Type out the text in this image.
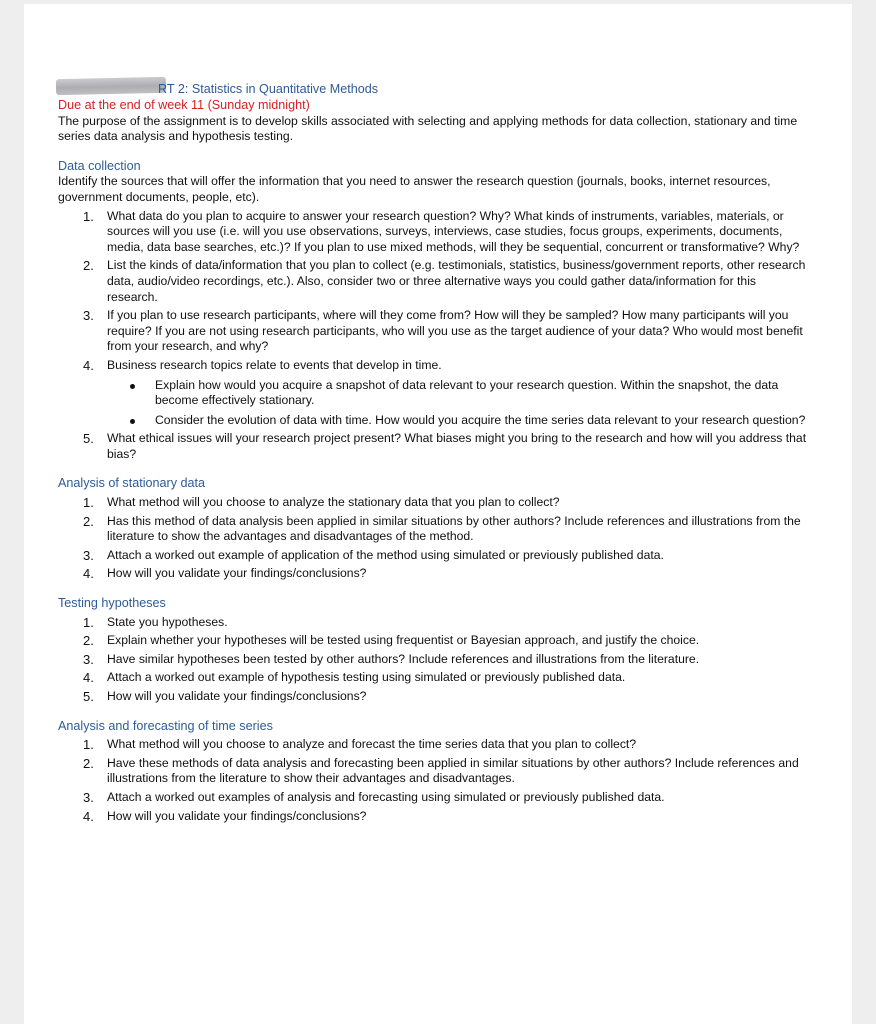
RT 2: Statistics in Quantitative Methods
Due at the end of week 11 (Sunday midnight)

The purpose of the assignment is to develop skills associated with selecting and applying methods for data collection, stationary and time series data analysis and hypothesis testing.

Data collection

Identify the sources that will offer the information that you need to answer the research question (journals, books, internet resources, government documents, people, etc).

1.	What data do you plan to acquire to answer your research question? Why? What kinds of instruments, variables, materials, or sources will you use (i.e. will you use observations, surveys, interviews, case studies, focus groups, experiments, documents, media, data base searches, etc.)? If you plan to use mixed methods, will they be sequential, concurrent or transformative? Why?
2.	List the kinds of data/information that you plan to collect (e.g. testimonials, statistics, business/government reports, other research data, audio/video recordings, etc.). Also, consider two or three alternative ways you could gather data/information for this research.
3.	If you plan to use research participants, where will they come from? How will they be sampled? How many participants will you require? If you are not using research participants, who will you use as the target audience of your data? Who would most benefit from your research, and why?
4.	Business research topics relate to events that develop in time.
Explain how would you acquire a snapshot of data relevant to your research question. Within the snapshot, the data become effectively stationary.
Consider the evolution of data with time. How would you acquire the time series data relevant to your research question?
5.	What ethical issues will your research project present? What biases might you bring to the research and how will you address that bias?
Analysis of stationary data
1.	What method will you choose to analyze the stationary data that you plan to collect?
2.	Has this method of data analysis been applied in similar situations by other authors? Include references and illustrations from the literature to show the advantages and disadvantages of the method.
3.	Attach a worked out example of application of the method using simulated or previously published data.
4.	How will you validate your findings/conclusions?
Testing hypotheses
1.	State you hypotheses.
2.	Explain whether your hypotheses will be tested using frequentist or Bayesian approach, and justify the choice.
3.	Have similar hypotheses been tested by other authors? Include references and illustrations from the literature.
4.	Attach a worked out example of hypothesis testing using simulated or previously published data.
5.	How will you validate your findings/conclusions?
Analysis and forecasting of time series
1.	What method will you choose to analyze and forecast the time series data that you plan to collect?
2.	Have these methods of data analysis and forecasting been applied in similar situations by other authors? Include references and illustrations from the literature to show their advantages and disadvantages.
3.	Attach a worked out examples of analysis and forecasting using simulated or previously published data.
4.	How will you validate your findings/conclusions?
